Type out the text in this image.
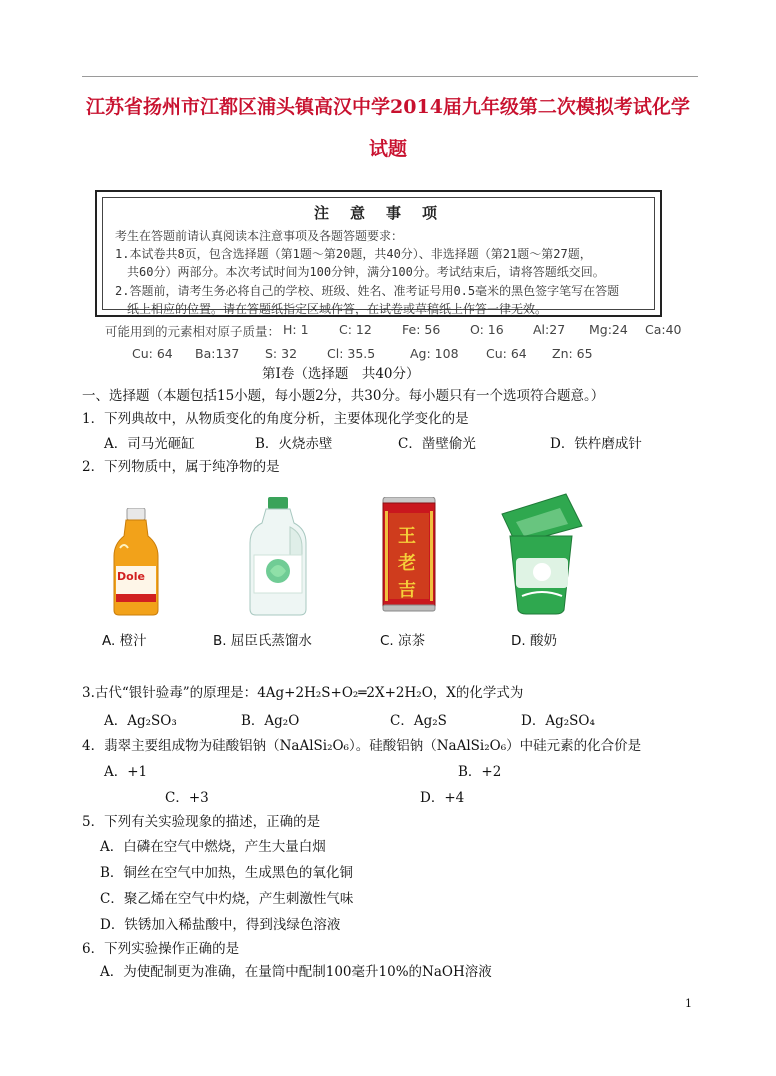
江苏省扬州市江都区浦头镇高汉中学2014届九年级第二次模拟考试化学
试题
注 意 事 项
考生在答题前请认真阅读本注意事项及各题答题要求：
1.本试卷共8页，包含选择题（第1题～第20题，共40分）、非选择题（第21题～第27题，
共60分）两部分。本次考试时间为100分钟，满分100分。考试结束后，请将答题纸交回。
2.答题前，请考生务必将自己的学校、班级、姓名、准考证号用0.5毫米的黑色签字笔写在答题
纸上相应的位置。请在答题纸指定区域作答，在试卷或草稿纸上作答一律无效。
可能用到的元素相对原子质量： H: 1 C: 12 Fe: 56 O: 16 Al:27 Mg:24 Ca:40
Cu: 64 Ba:137 S: 32 Cl: 35.5	Ag: 108 Cu: 64 Zn: 65
第Ⅰ卷（选择题　共40分）
一、选择题（本题包括15小题，每小题2分，共30分。每小题只有一个选项符合题意。）
1．下列典故中，从物质变化的角度分析，主要体现化学变化的是
A．司马光砸缸	B．火烧赤壁	C．凿壁偷光	D．铁杵磨成针
2．下列物质中，属于纯净物的是
Dole
王
老
吉
A. 橙汁	B. 屈臣氏蒸馏水	C. 凉茶	D. 酸奶
3.古代“银针验毒”的原理是：4Ag+2H₂S+O₂═2X+2H₂O，X的化学式为
A．Ag₂SO₃	B．Ag₂O	C．Ag₂S	D．Ag₂SO₄
4．翡翠主要组成物为硅酸铝钠（NaAlSi₂O₆）。硅酸铝钠（NaAlSi₂O₆）中硅元素的化合价是
A．+1	B．+2
C．+3	D．+4
5．下列有关实验现象的描述，正确的是
A．白磷在空气中燃烧，产生大量白烟
B．铜丝在空气中加热，生成黑色的氧化铜
C．聚乙烯在空气中灼烧，产生刺激性气味
D．铁锈加入稀盐酸中，得到浅绿色溶液
6．下列实验操作正确的是
A．为使配制更为准确，在量筒中配制100毫升10%的NaOH溶液
1
